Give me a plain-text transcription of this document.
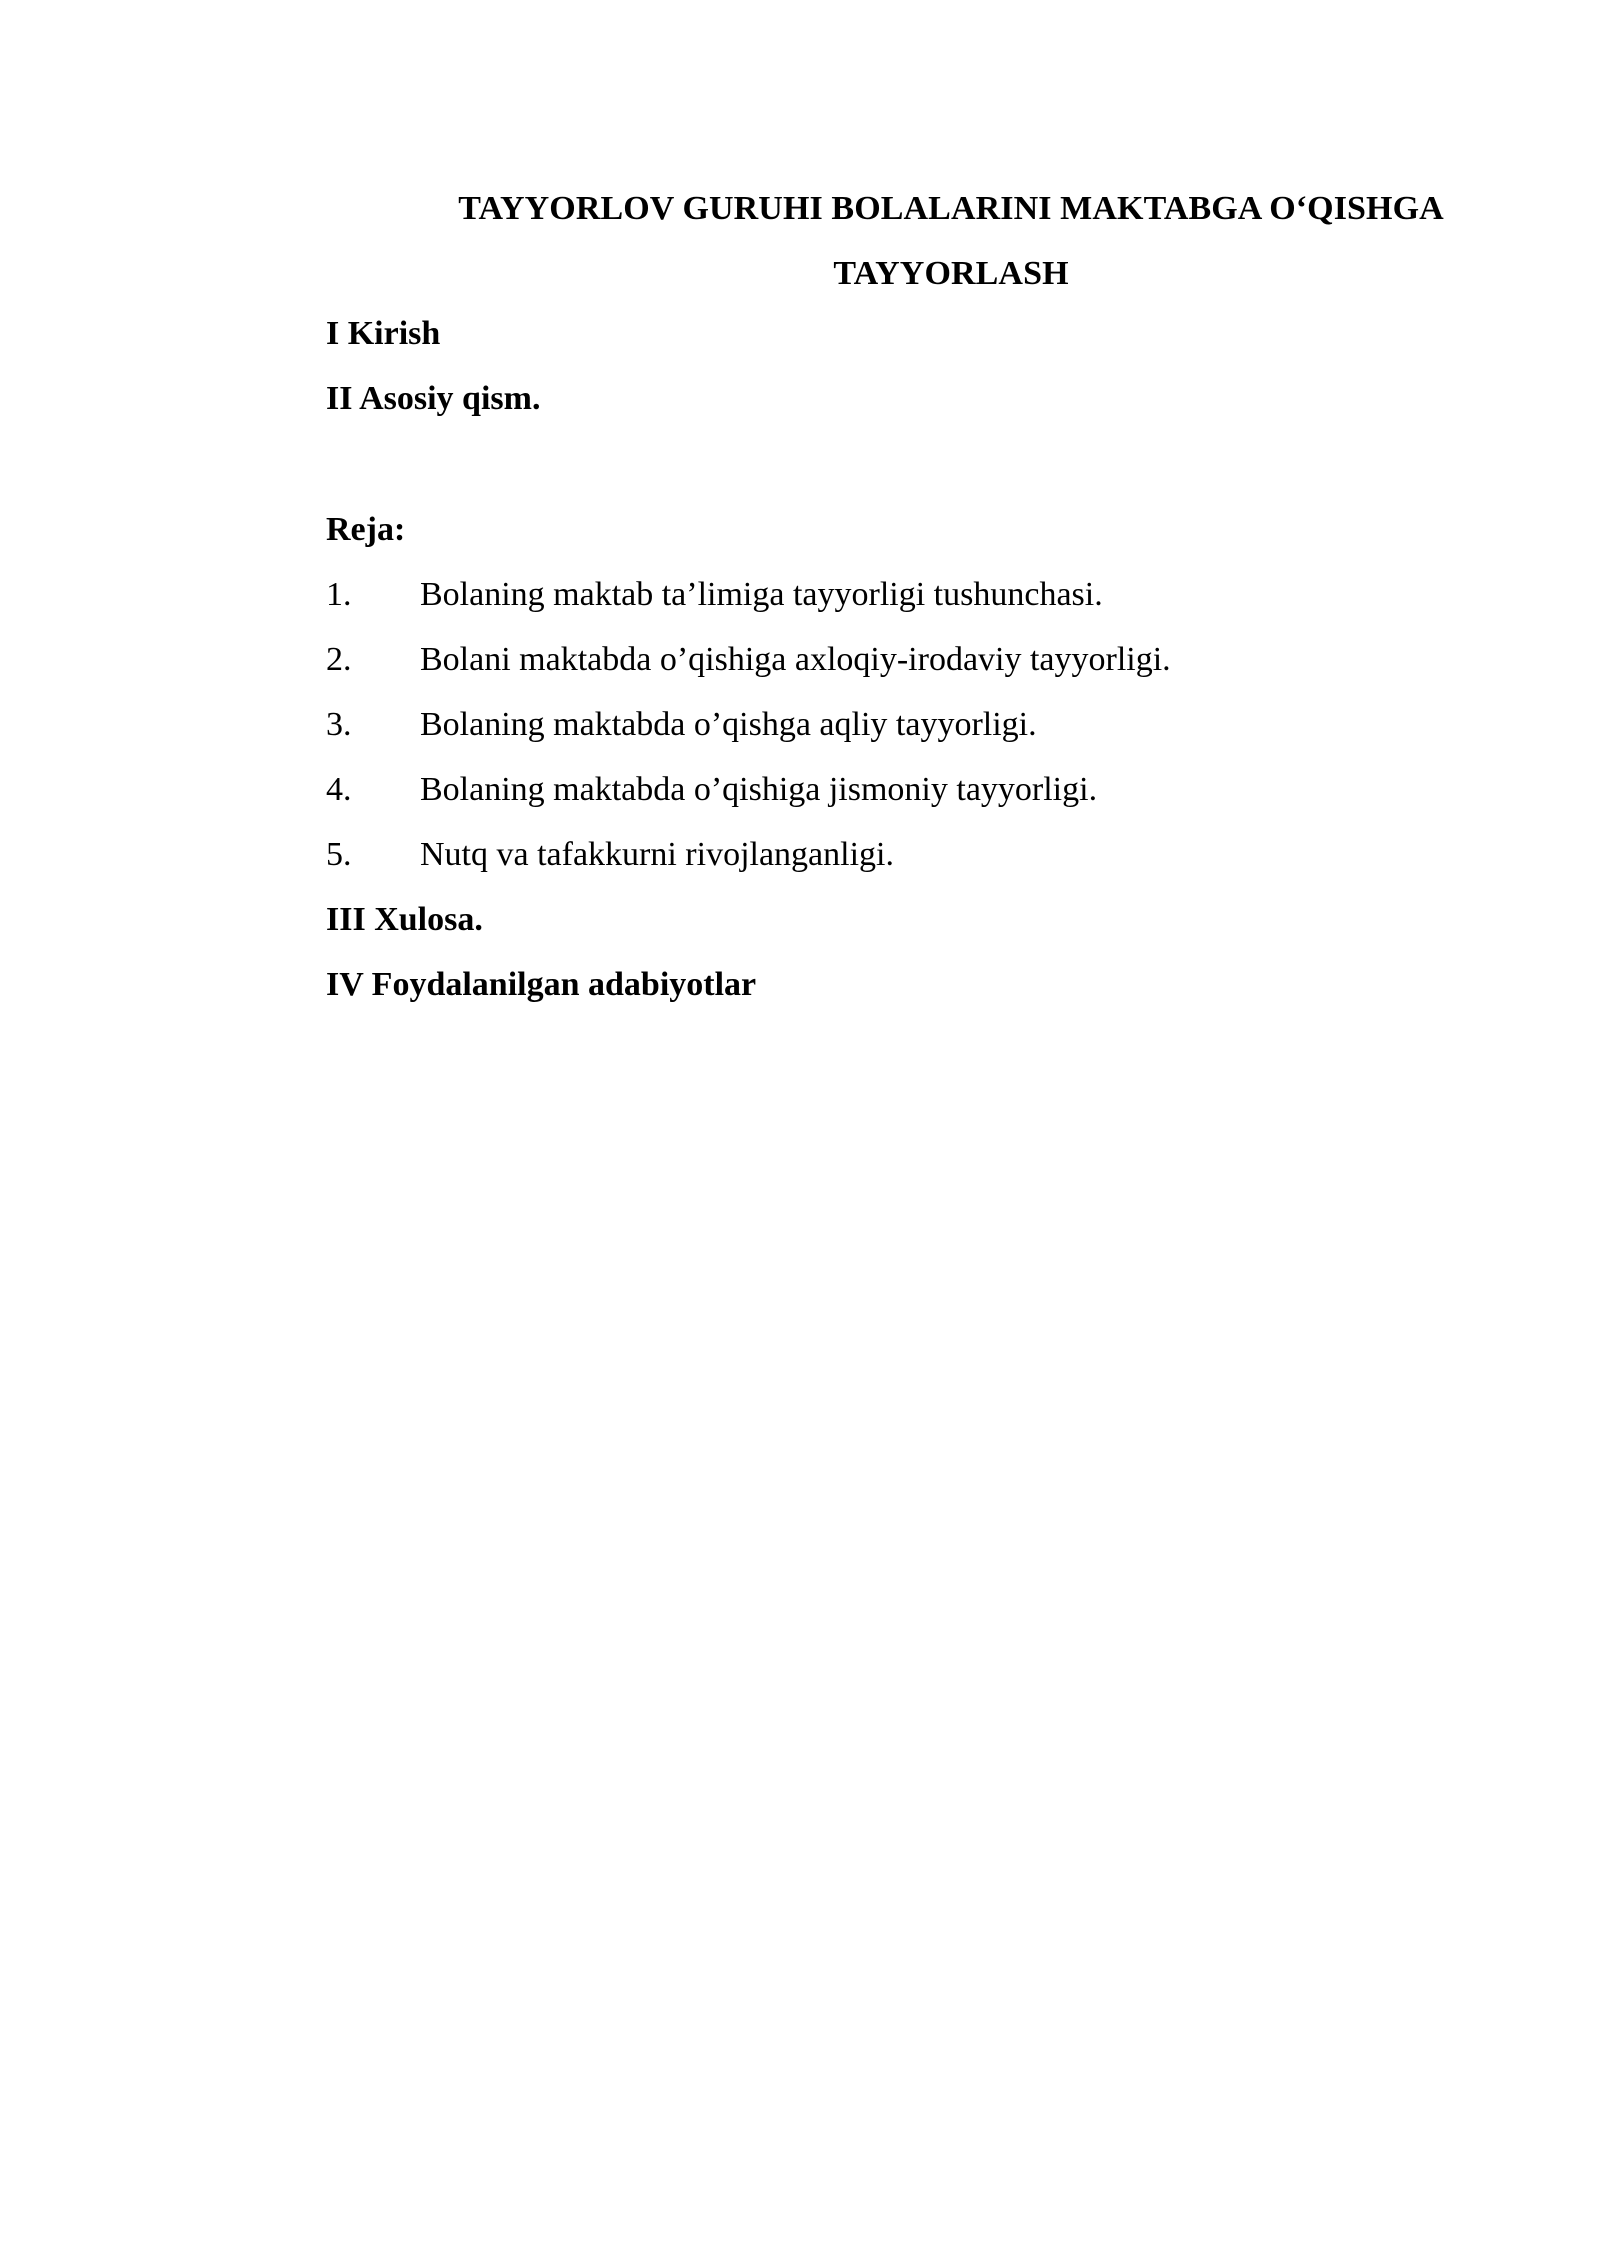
TAYYORLOV GURUHI BOLALARINI MAKTABGA O‘QISHGA
TAYYORLASH
I Kirish
II Asosiy qism.
Reja:
1. Bolaning maktab ta’limiga tayyorligi tushunchasi.
2. Bolani maktabda o’qishiga axloqiy-irodaviy tayyorligi.
3. Bolaning maktabda o’qishga aqliy tayyorligi.
4. Bolaning maktabda o’qishiga jismoniy tayyorligi.
5. Nutq va tafakkurni rivojlanganligi.
III Xulosa.
IV Foydalanilgan adabiyotlar
